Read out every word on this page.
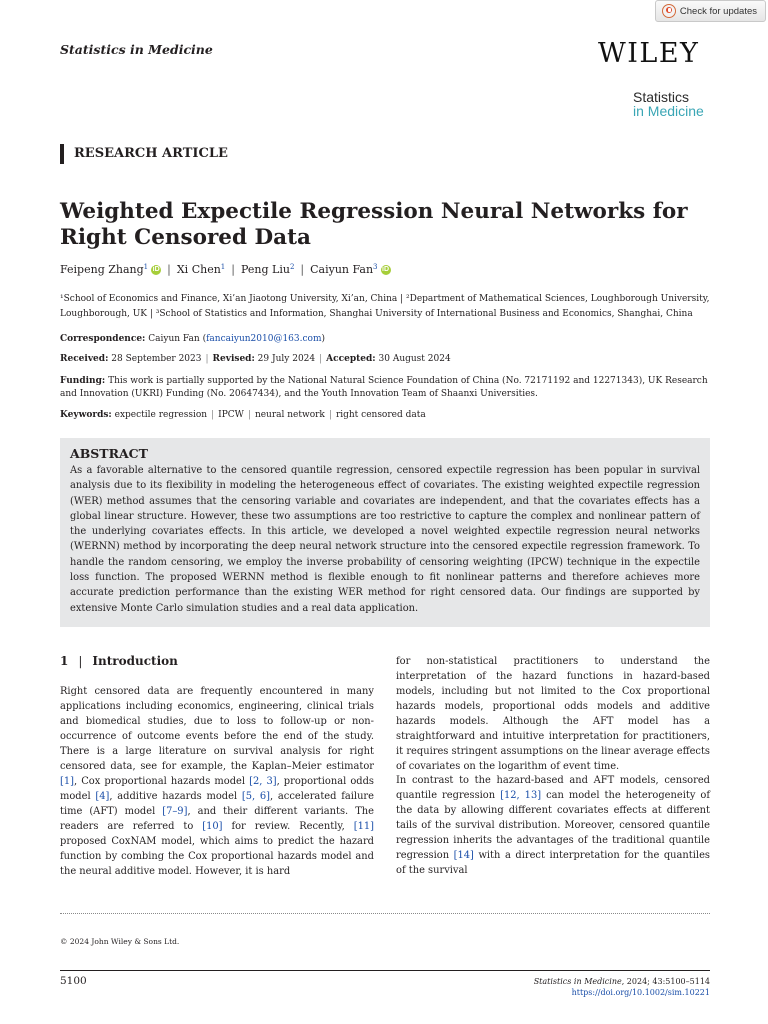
Check for updates
Statistics in Medicine	WILEY
Statistics
in Medicine
RESEARCH ARTICLE
Weighted Expectile Regression Neural Networks for Right Censored Data
Feipeng Zhang$^1$ iD | Xi Chen$^1$ | Peng Liu$^2$ | Caiyun Fan$^3$ iD
¹School of Economics and Finance, Xi’an Jiaotong University, Xi’an, China | ²Department of Mathematical Sciences, Loughborough University, Loughborough, UK | ³School of Statistics and Information, Shanghai University of International Business and Economics, Shanghai, China
Correspondence: Caiyun Fan (fancaiyun2010@163.com)
Received: 28 September 2023 | Revised: 29 July 2024 | Accepted: 30 August 2024
Funding: This work is partially supported by the National Natural Science Foundation of China (No. 72171192 and 12271343), UK Research and Innovation (UKRI) Funding (No. 20647434), and the Youth Innovation Team of Shaanxi Universities.
Keywords: expectile regression | IPCW | neural network | right censored data
ABSTRACT
As a favorable alternative to the censored quantile regression, censored expectile regression has been popular in survival analysis due to its flexibility in modeling the heterogeneous effect of covariates. The existing weighted expectile regression (WER) method assumes that the censoring variable and covariates are independent, and that the covariates effects has a global linear structure. However, these two assumptions are too restrictive to capture the complex and nonlinear pattern of the underlying covariates effects. In this article, we developed a novel weighted expectile regression neural networks (WERNN) method by incorporating the deep neural network structure into the censored expectile regression framework. To handle the random censoring, we employ the inverse probability of censoring weighting (IPCW) technique in the expectile loss function. The proposed WERNN method is flexible enough to fit nonlinear patterns and therefore achieves more accurate prediction performance than the existing WER method for right censored data. Our findings are supported by extensive Monte Carlo simulation studies and a real data application.
1 | Introduction
Right censored data are frequently encountered in many applications including economics, engineering, clinical trials and biomedical studies, due to loss to follow-up or non-occurrence of outcome events before the end of the study. There is a large literature on survival analysis for right censored data, see for example, the Kaplan–Meier estimator [1], Cox proportional hazards model [2, 3], proportional odds model [4], additive hazards model [5, 6], accelerated failure time (AFT) model [7–9], and their different variants. The readers are referred to [10] for review. Recently, [11] proposed CoxNAM model, which aims to predict the hazard function by combing the Cox proportional hazards model and the neural additive model. However, it is hard
for non-statistical practitioners to understand the interpretation of the hazard functions in hazard-based models, including but not limited to the Cox proportional hazards models, proportional odds models and additive hazards models. Although the AFT model has a straightforward and intuitive interpretation for practitioners, it requires stringent assumptions on the linear average effects of covariates on the logarithm of event time.
In contrast to the hazard-based and AFT models, censored quantile regression [12, 13] can model the heterogeneity of the data by allowing different covariates effects at different tails of the survival distribution. Moreover, censored quantile regression inherits the advantages of the traditional quantile regression [14] with a direct interpretation for the quantiles of the survival
© 2024 John Wiley & Sons Ltd.
5100	Statistics in Medicine, 2024; 43:5100–5114
https://doi.org/10.1002/sim.10221
